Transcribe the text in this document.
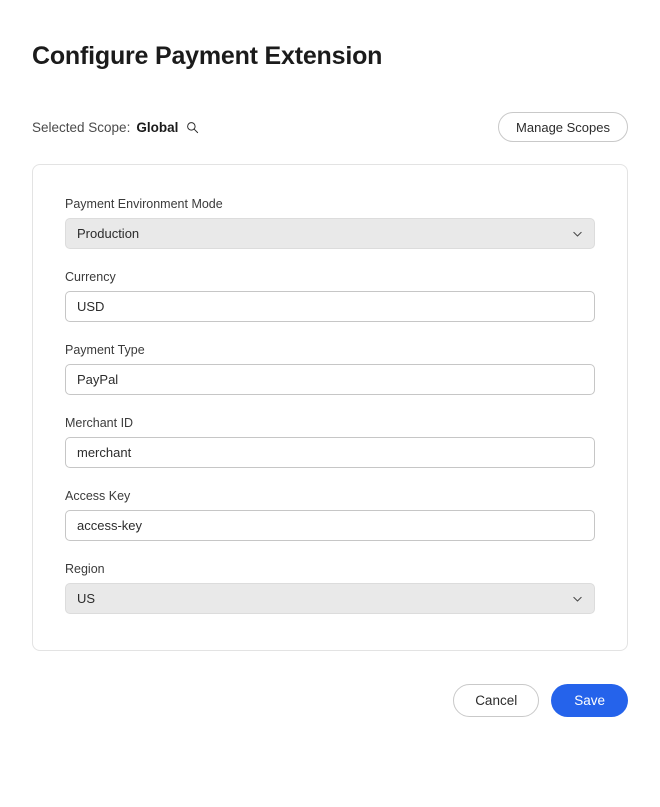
Configure Payment Extension
Selected Scope: Global	Manage Scopes
Payment Environment Mode
Production
Currency
USD
Payment Type
PayPal
Merchant ID
merchant
Access Key
access-key
Region
US
Cancel	Save
